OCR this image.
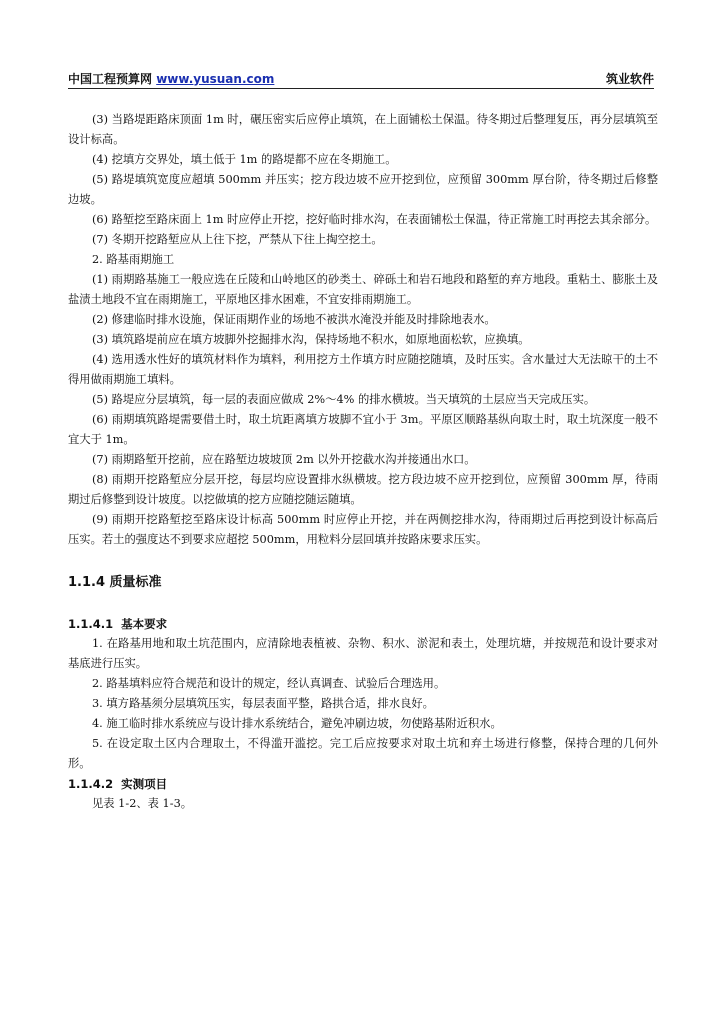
中国工程预算网 www.yusuan.com	筑业软件

(3) 当路堤距路床顶面 1m 时，碾压密实后应停止填筑，在上面铺松土保温。待冬期过后整理复压，再分层填筑至设计标高。

(4) 挖填方交界处，填土低于 1m 的路堤都不应在冬期施工。

(5) 路堤填筑宽度应超填 500mm 并压实；挖方段边坡不应开挖到位，应预留 300mm 厚台阶，待冬期过后修整边坡。

(6) 路堑挖至路床面上 1m 时应停止开挖，挖好临时排水沟，在表面铺松土保温，待正常施工时再挖去其余部分。

(7) 冬期开挖路堑应从上往下挖，严禁从下往上掏空挖土。

2. 路基雨期施工

(1) 雨期路基施工一般应选在丘陵和山岭地区的砂类土、碎砾土和岩石地段和路堑的弃方地段。重粘土、膨胀土及盐渍土地段不宜在雨期施工，平原地区排水困难，不宜安排雨期施工。

(2) 修建临时排水设施，保证雨期作业的场地不被洪水淹没并能及时排除地表水。

(3) 填筑路堤前应在填方坡脚外挖掘排水沟，保持场地不积水，如原地面松软，应换填。

(4) 选用透水性好的填筑材料作为填料，利用挖方土作填方时应随挖随填，及时压实。含水量过大无法晾干的土不得用做雨期施工填料。

(5) 路堤应分层填筑，每一层的表面应做成 2%～4% 的排水横坡。当天填筑的土层应当天完成压实。

(6) 雨期填筑路堤需要借土时，取土坑距离填方坡脚不宜小于 3m。平原区顺路基纵向取土时，取土坑深度一般不宜大于 1m。

(7) 雨期路堑开挖前，应在路堑边坡坡顶 2m 以外开挖截水沟并接通出水口。

(8) 雨期开挖路堑应分层开挖，每层均应设置排水纵横坡。挖方段边坡不应开挖到位，应预留 300mm 厚，待雨期过后修整到设计坡度。以挖做填的挖方应随挖随运随填。

(9) 雨期开挖路堑挖至路床设计标高 500mm 时应停止开挖，并在两侧挖排水沟，待雨期过后再挖到设计标高后压实。若土的强度达不到要求应超挖 500mm，用粒料分层回填并按路床要求压实。

1.1.4 质量标准
1.1.4.1 基本要求

1. 在路基用地和取土坑范围内，应清除地表植被、杂物、积水、淤泥和表土，处理坑塘，并按规范和设计要求对基底进行压实。

2. 路基填料应符合规范和设计的规定，经认真调查、试验后合理选用。

3. 填方路基须分层填筑压实，每层表面平整，路拱合适，排水良好。

4. 施工临时排水系统应与设计排水系统结合，避免冲刷边坡，勿使路基附近积水。

5. 在设定取土区内合理取土，不得滥开滥挖。完工后应按要求对取土坑和弃土场进行修整，保持合理的几何外形。

1.1.4.2 实测项目

见表 1-2、表 1-3。
